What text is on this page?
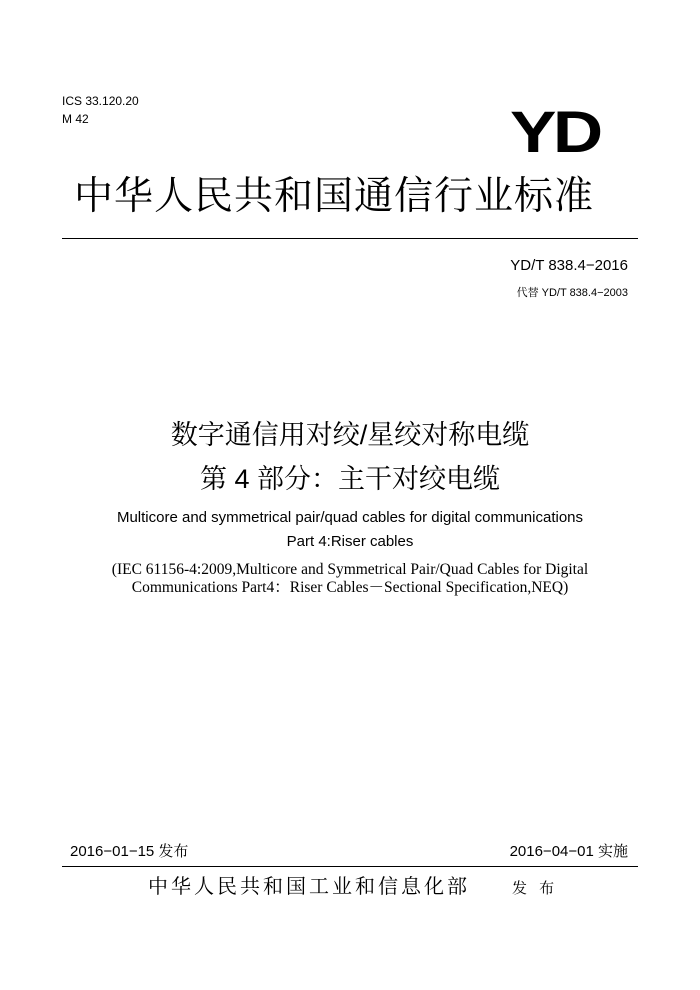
ICS 33.120.20
M 42	YD
中华人民共和国通信行业标准
YD/T 838.4−2016
代替 YD/T 838.4−2003
数字通信用对绞/星绞对称电缆
第 4 部分：主干对绞电缆
Multicore and symmetrical pair/quad cables for digital communications
Part 4:Riser cables
(IEC 61156-4:2009,Multicore and Symmetrical Pair/Quad Cables for Digital
Communications Part4：Riser Cables－Sectional Specification,NEQ)
2016−01−15 发布	2016−04−01 实施
中华人民共和国工业和信息化部	发 布
